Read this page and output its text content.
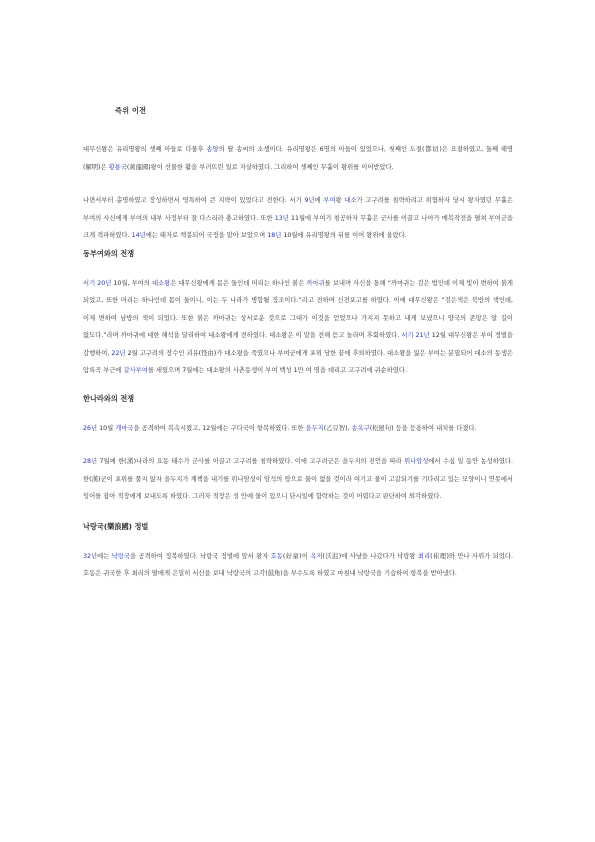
즉위 이전

대무신왕은 유리명왕의 셋째 아들로 다물후 송양의 딸 송씨의 소생이다. 유리명왕은 6명의 아들이 있었으나, 첫째인 도절(都切)은 요절하였고, 둘째 해명(解明)은 황룡국(黃龍國)왕이 선물한 활을 부러뜨린 일로 자살하였다. 그리하여 셋째인 무휼이 왕위를 이어받았다.

나면서부터 총명하였고 장성하면서 영특하여 큰 지략이 있었다고 전한다. 서기 9년에 부여왕 대소가 고구려를 침략하려고 위협하자 당시 왕자였던 무휼은 부여의 사신에게 부여의 내부 사정부터 잘 다스리라 충고하였다. 또한 13년 11월에 부여가 침공하자 무휼은 군사를 이끌고 나아가 매복작전을 펼쳐 부여군을 크게 격파하였다. 14년에는 태자로 책봉되어 국정을 맡아 보았으며 18년 10월에 유리명왕의 뒤를 이어 왕위에 올랐다.

동부여와의 전쟁

서기 20년 10월, 부여의 대소왕은 대무신왕에게 몸은 둘인데 머리는 하나인 붉은 까마귀를 보내며 사신을 통해 “까마귀는 검은 법인데 이제 빛이 변하여 붉게 되었고, 또한 머리는 하나인데 몸이 둘이니, 이는 두 나라가 병합될 징조이다.”라고 전하며 신전포고를 하였다. 이에 대무신왕은 “검은색은 북방의 색인데, 이제 변하여 남방의 색이 되었다. 또한 붉은 까마귀는 상서로운 것으로 그대가 이것을 얻었으나 가지지 못하고 내게 보냈으니 양국의 존망은 알 길이 없도다.”라며 까마귀에 대한 해석을 달리하여 대소왕에게 전하였다. 대소왕은 이 말을 전해 듣고 놀라며 후회하였다. 서기 21년 12월 대무신왕은 부여 정벌을 감행하여, 22년 2월 고구려의 장수인 괴유(怪由)가 대소왕을 죽였으나 부여군에게 포위 당한 끝에 후퇴하였다. 대소왕을 잃은 부여는 분열되어 대소의 동생은 압록곡 부근에 갈사부여를 세웠으며 7월에는 대소왕의 사촌동생이 부여 백성 1만 여 명을 데리고 고구려에 귀순하였다.

한나라와의 전쟁

26년 10월 개마국을 공격하여 복속시켰고, 12월에는 구다국이 항복하였다. 또한 을두지(乙豆智), 송옥구(松屋句) 등을 등용하여 내치를 다졌다.

28년 7월에 한(漢)나라의 요동 태수가 군사를 이끌고 고구려를 침략하였다. 이에 고구려군은 을두지의 진언을 따라 위나암성에서 수십 일 동안 농성하였다. 한(漢)군이 포위를 풀지 않자 을두지가 계책을 내기를 위나암성이 암석의 땅으로 물이 없을 것이라 여기고 물이 고갈되기를 기다리고 있는 모양이니 연못에서 잉어를 잡아 적장에게 보내도록 하였다. 그러자 적장은 성 안에 물이 있으니 단시일에 함락하는 것이 어렵다고 판단하여 퇴각하였다.

낙랑국(樂浪國) 정벌

32년에는 낙랑국을 공격하여 정복하였다. 낙랑국 정벌에 앞서 왕자 호동(好童)이 옥저(沃沮)에 사냥을 나갔다가 낙랑왕 최리(崔理)와 만나 사위가 되었다. 호동은 귀국한 후 최리의 딸에게 은밀히 서신을 보내 낙랑국의 고각(鼓角)을 부수도록 하였고 마침내 낙랑국을 기습하여 항복을 받아냈다.
